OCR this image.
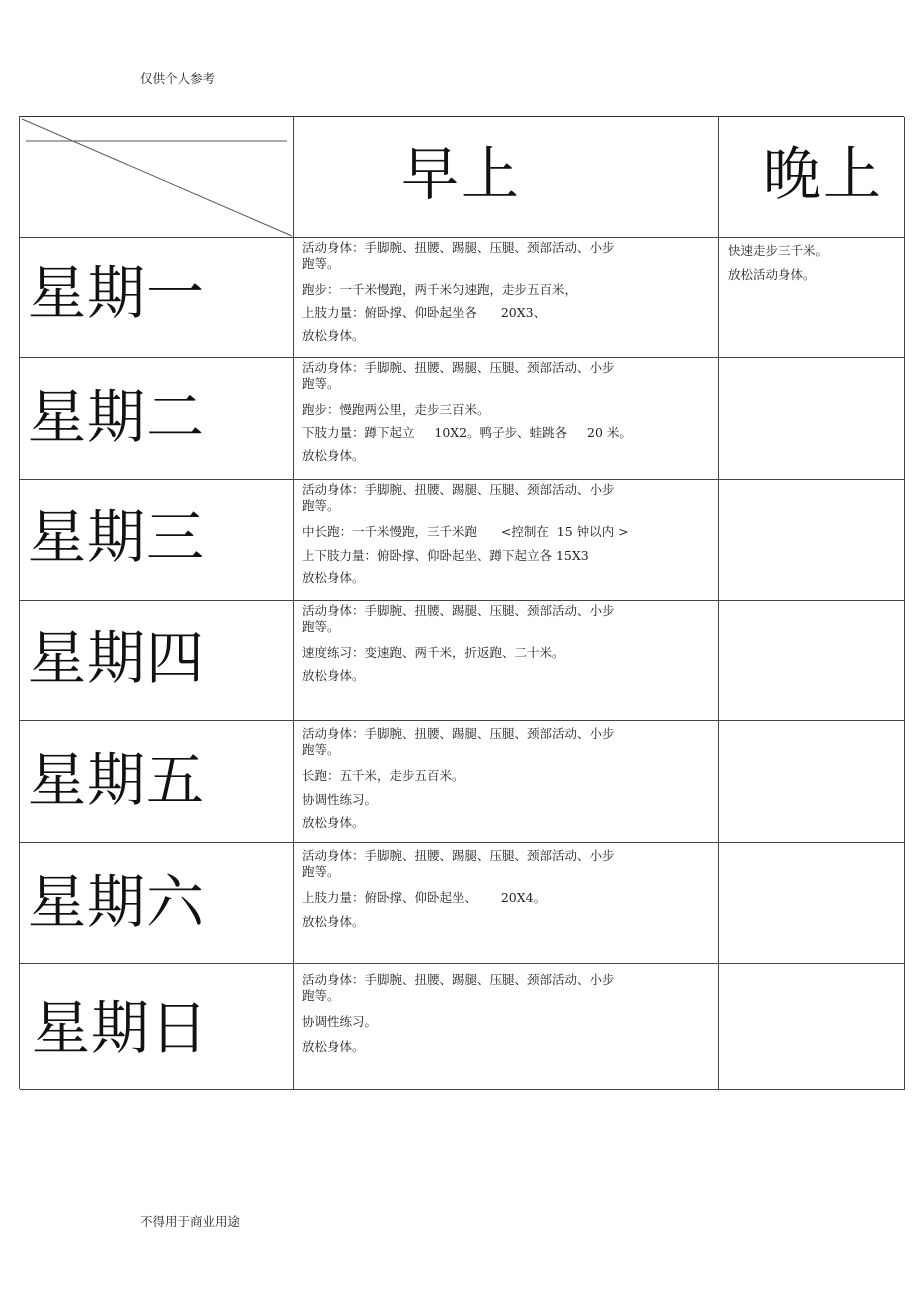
仅供个人参考
早上	晚上
星期一
活动身体：手脚腕、扭腰、踢腿、压腿、颈部活动、小步
跑等。
跑步：一千米慢跑，两千米匀速跑，走步五百米，
上肢力量：俯卧撑、仰卧起坐各      20X3、
放松身体。
快速走步三千米。
放松活动身体。
星期二
活动身体：手脚腕、扭腰、踢腿、压腿、颈部活动、小步
跑等。
跑步：慢跑两公里，走步三百米。
下肢力量：蹲下起立     10X2。鸭子步、蛙跳各     20 米。
放松身体。
星期三
活动身体：手脚腕、扭腰、踢腿、压腿、颈部活动、小步
跑等。
中长跑：一千米慢跑，三千米跑      <控制在  15 钟以内 >
上下肢力量：俯卧撑、仰卧起坐、蹲下起立各 15X3
放松身体。
星期四
活动身体：手脚腕、扭腰、踢腿、压腿、颈部活动、小步
跑等。
速度练习：变速跑、两千米，折返跑、二十米。
放松身体。
星期五
活动身体：手脚腕、扭腰、踢腿、压腿、颈部活动、小步
跑等。
长跑：五千米，走步五百米。
协调性练习。
放松身体。
星期六
活动身体：手脚腕、扭腰、踢腿、压腿、颈部活动、小步
跑等。
上肢力量：俯卧撑、仰卧起坐、      20X4。
放松身体。
星期日
活动身体：手脚腕、扭腰、踢腿、压腿、颈部活动、小步
跑等。
协调性练习。
放松身体。
不得用于商业用途
